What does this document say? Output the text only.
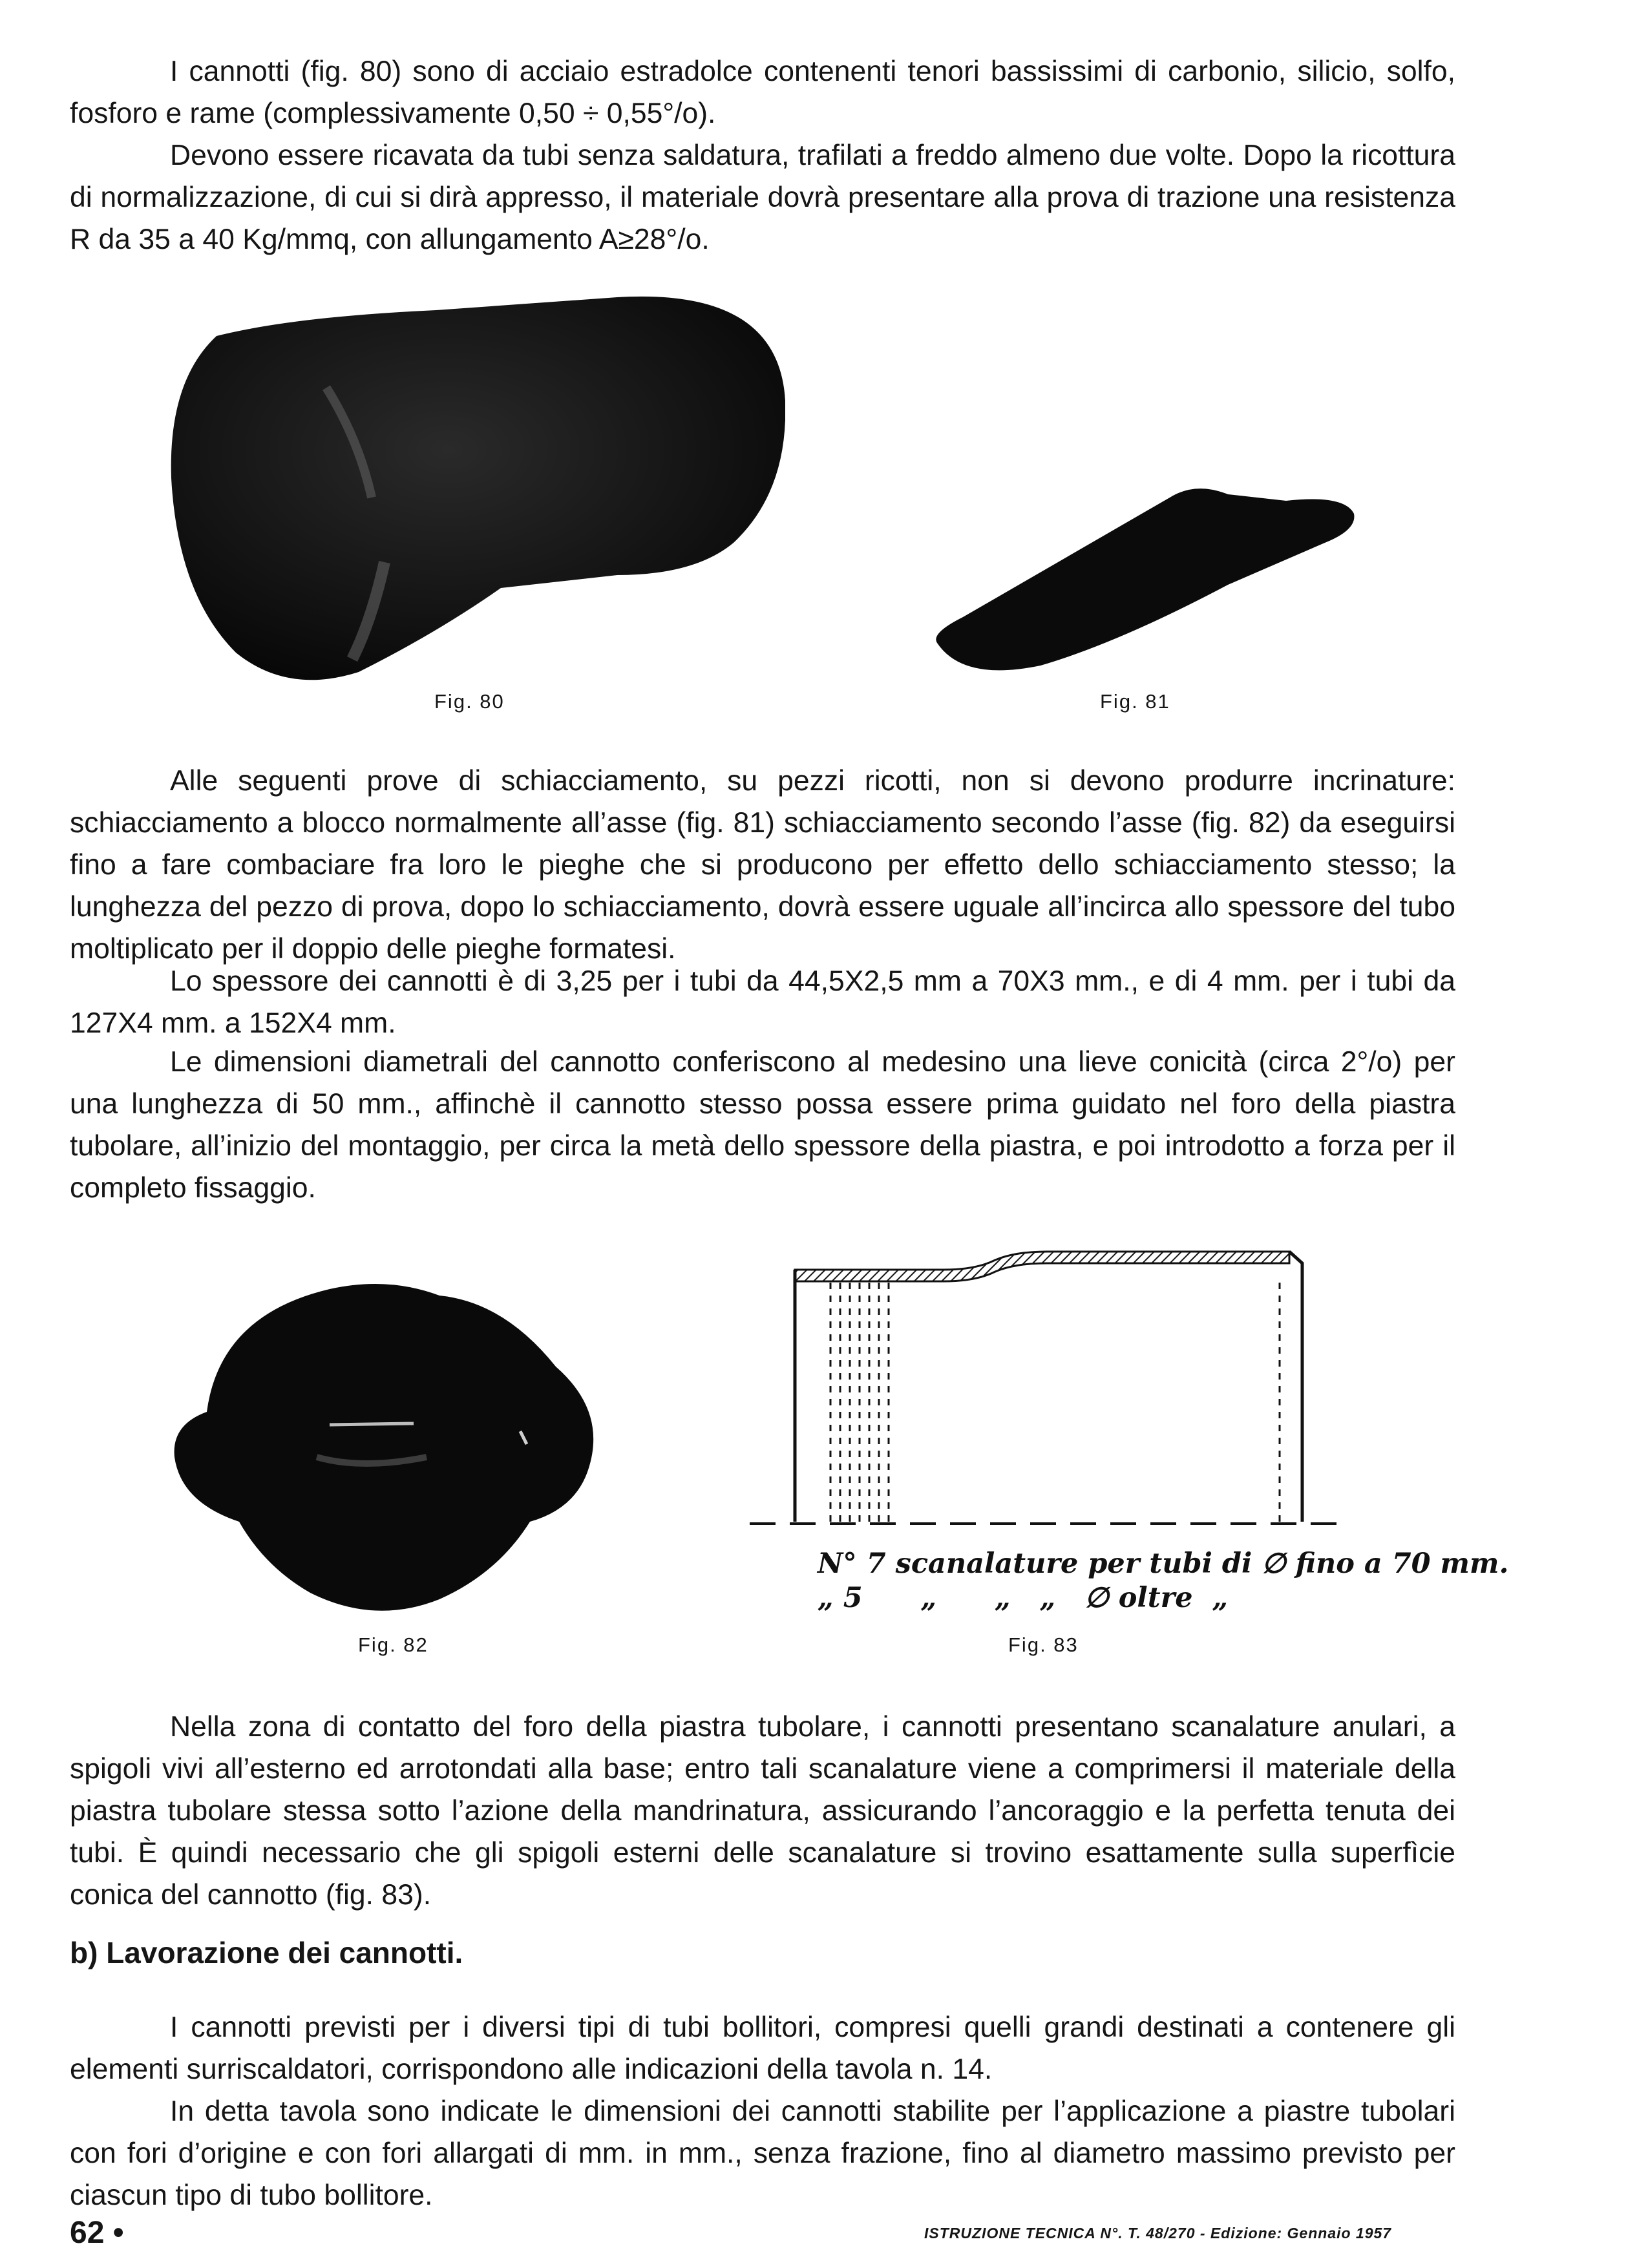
I cannotti (fig. 80) sono di acciaio estradolce contenenti tenori bassissimi di carbonio, silicio, solfo, fosforo e rame (complessivamente 0,50 ÷ 0,55°/o).

Devono essere ricavata da tubi senza saldatura, trafilati a freddo almeno due volte. Dopo la ricottura di normalizzazione, di cui si dirà appresso, il materiale dovrà presentare alla prova di trazione una resistenza R da 35 a 40 Kg/mmq, con allungamento A≥28°/o.

Fig. 80	Fig. 81

Alle seguenti prove di schiacciamento, su pezzi ricotti, non si devono produrre incrinature: schiacciamento a blocco normalmente all’asse (fig. 81) schiacciamento secondo l’asse (fig. 82) da eseguirsi fino a fare combaciare fra loro le pieghe che si producono per effetto dello schiacciamento stesso; la lunghezza del pezzo di prova, dopo lo schiacciamento, dovrà essere uguale all’incirca allo spessore del tubo moltiplicato per il doppio delle pieghe formatesi.

Lo spessore dei cannotti è di 3,25 per i tubi da 44,5X2,5 mm a 70X3 mm., e di 4 mm. per i tubi da 127X4 mm. a 152X4 mm.

Le dimensioni diametrali del cannotto conferiscono al medesino una lieve conicità (circa 2°/o) per una lunghezza di 50 mm., affinchè il cannotto stesso possa essere prima guidato nel foro della piastra tubolare, all’inizio del montaggio, per circa la metà dello spessore della piastra, e poi introdotto a forza per il completo fissaggio.

N° 7 scanalature per tubi di ∅ fino a 70 mm.
„ 5      „      „   „   ∅ oltre  „
Fig. 82	Fig. 83

Nella zona di contatto del foro della piastra tubolare, i cannotti presentano scanalature anulari, a spigoli vivi all’esterno ed arrotondati alla base; entro tali scanalature viene a comprimersi il materiale della piastra tubolare stessa sotto l’azione della mandrinatura, assicurando l’ancoraggio e la perfetta tenuta dei tubi. È quindi necessario che gli spigoli esterni delle scanalature si trovino esattamente sulla superfìcie conica del cannotto (fig. 83).

b) Lavorazione dei cannotti.

I cannotti previsti per i diversi tipi di tubi bollitori, compresi quelli grandi destinati a contenere gli elementi surriscaldatori, corrispondono alle indicazioni della tavola n. 14.

In detta tavola sono indicate le dimensioni dei cannotti stabilite per l’applicazione a piastre tubolari con fori d’origine e con fori allargati di mm. in mm., senza frazione, fino al diametro massimo previsto per ciascun tipo di tubo bollitore.

62 •	ISTRUZIONE TECNICA N°. T. 48/270 - Edizione: Gennaio 1957
